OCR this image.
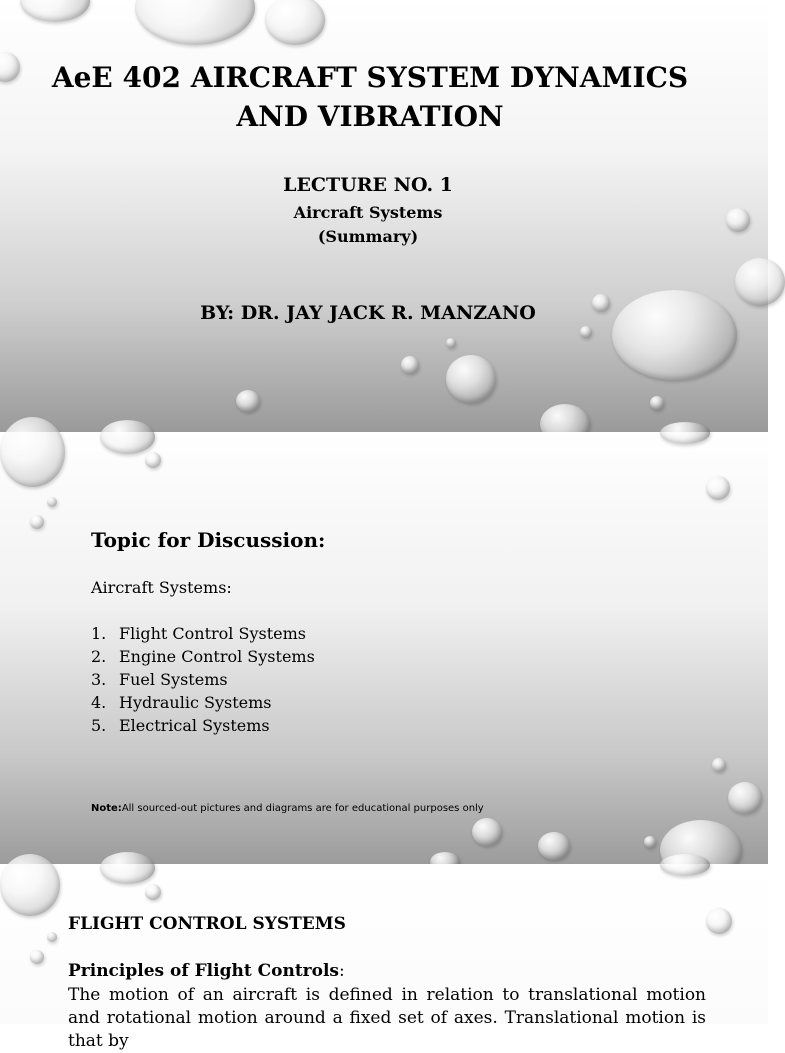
AeE 402 AIRCRAFT SYSTEM DYNAMICS AND VIBRATION
LECTURE NO. 1
Aircraft Systems
(Summary)
BY: DR. JAY JACK R. MANZANO
Topic for Discussion:
Aircraft Systems:
1. Flight Control Systems
2. Engine Control Systems
3. Fuel Systems
4. Hydraulic Systems
5. Electrical Systems
Note:All sourced-out pictures and diagrams are for educational purposes only
FLIGHT CONTROL SYSTEMS
Principles of Flight Controls:
The motion of an aircraft is defined in relation to translational motion and rotational motion around a fixed set of axes. Translational motion is that by
